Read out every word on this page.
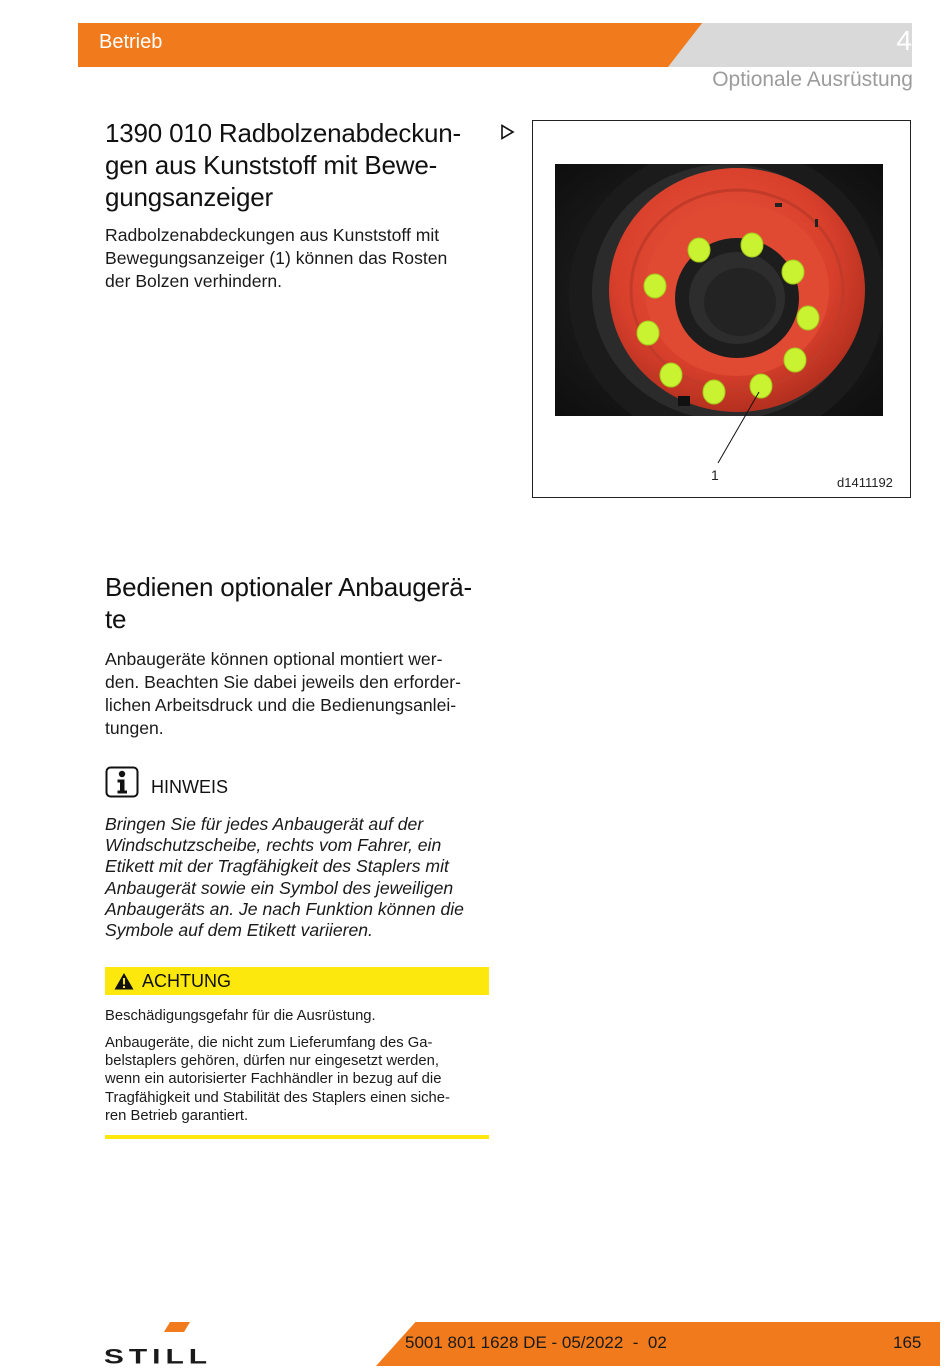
Betrieb	4
Optionale Ausrüstung
1390 010 Radbolzenabdeckun-
gen aus Kunststoff mit Bewe-
gungsanzeiger
Radbolzenabdeckungen aus Kunststoff mit
Bewegungsanzeiger (1) können das Rosten
der Bolzen verhindern.
1	d1411192
Bedienen optionaler Anbaugerä-
te
Anbaugeräte können optional montiert wer-
den. Beachten Sie dabei jeweils den erforder-
lichen Arbeitsdruck und die Bedienungsanlei-
tungen.
HINWEIS
Bringen Sie für jedes Anbaugerät auf der
Windschutzscheibe, rechts vom Fahrer, ein
Etikett mit der Tragfähigkeit des Staplers mit
Anbaugerät sowie ein Symbol des jeweiligen
Anbaugeräts an. Je nach Funktion können die
Symbole auf dem Etikett variieren.
ACHTUNG
Beschädigungsgefahr für die Ausrüstung.
Anbaugeräte, die nicht zum Lieferumfang des Ga-
belstaplers gehören, dürfen nur eingesetzt werden,
wenn ein autorisierter Fachhändler in bezug auf die
Tragfähigkeit und Stabilität des Staplers einen siche-
ren Betrieb garantiert.
STILL
5001 801 1628 DE - 05/2022  -  02	165
